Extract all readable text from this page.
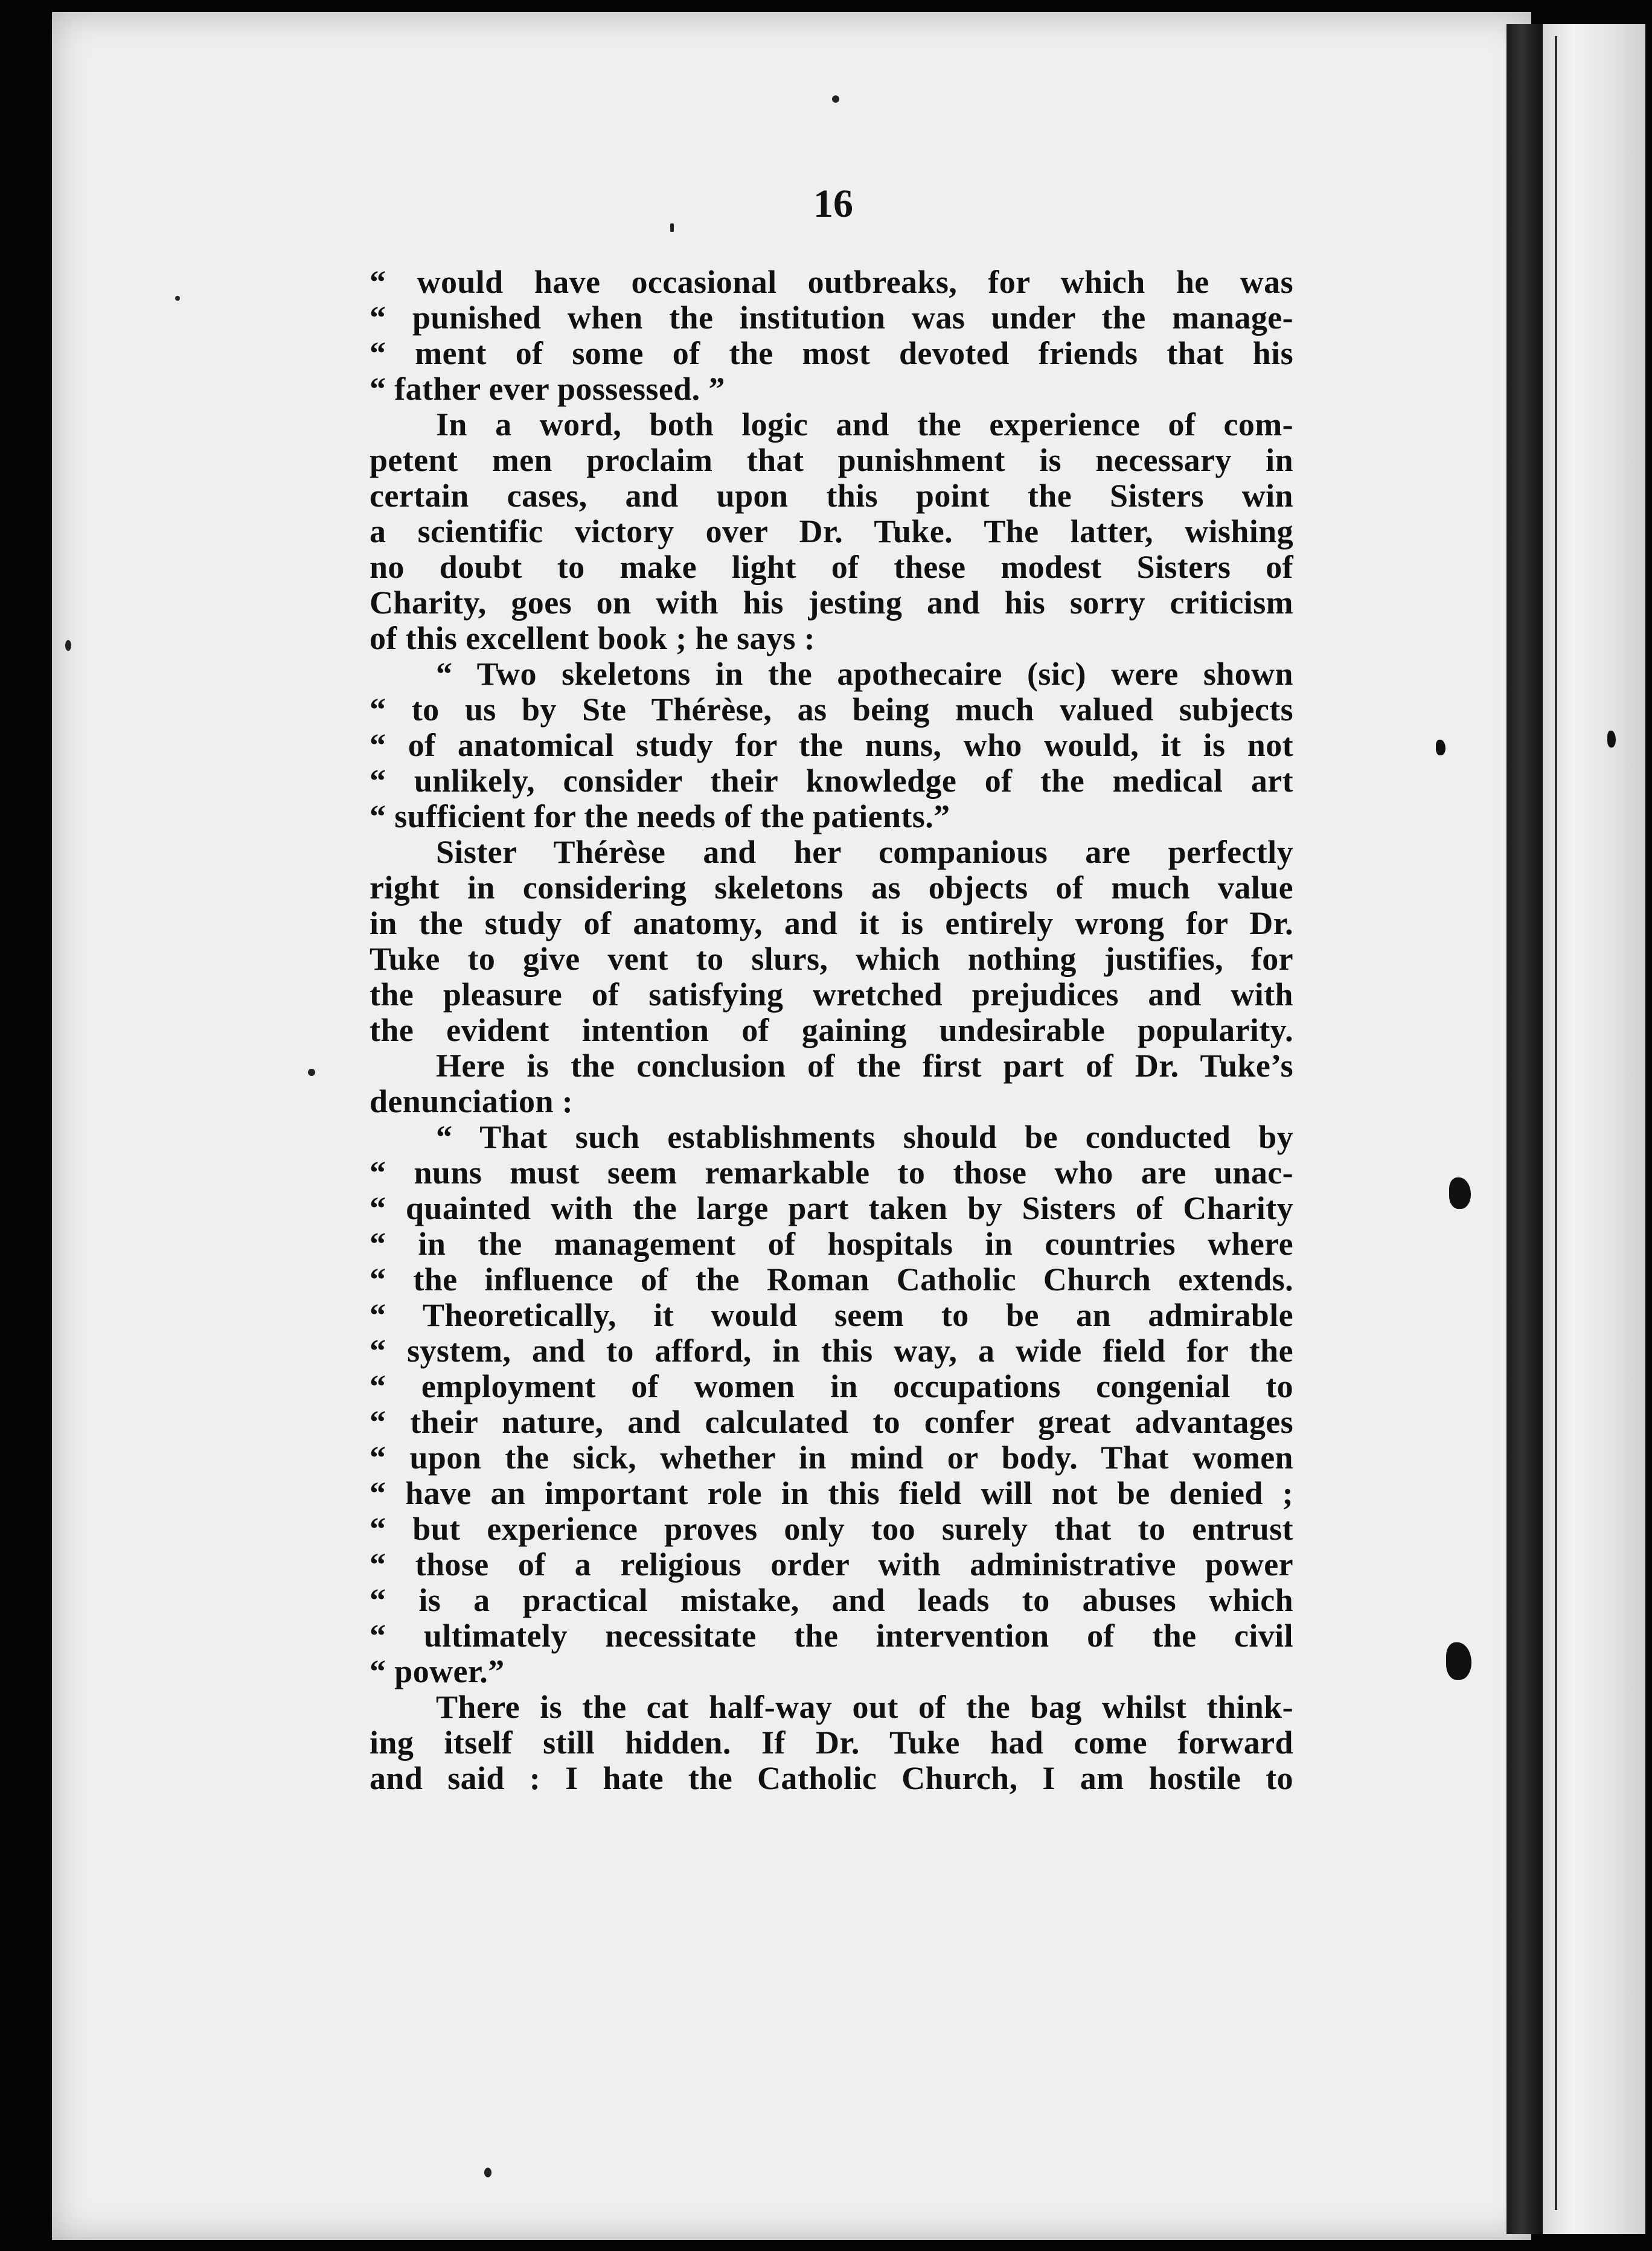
16
“ would have occasional outbreaks, for which he was
“ punished when the institution was under the manage-
“ ment of some of the most devoted friends that his
“ father ever possessed. ”
In a word, both logic and the experience of com-
petent men proclaim that punishment is necessary in
certain cases, and upon this point the Sisters win
a scientific victory over Dr. Tuke. The latter, wishing
no doubt to make light of these modest Sisters of
Charity, goes on with his jesting and his sorry criticism
of this excellent book ; he says :
“ Two skeletons in the apothecaire (sic) were shown
“ to us by Ste Thérèse, as being much valued subjects
“ of anatomical study for the nuns, who would, it is not
“ unlikely, consider their knowledge of the medical art
“ sufficient for the needs of the patients.”
Sister Thérèse and her companious are perfectly
right in considering skeletons as objects of much value
in the study of anatomy, and it is entirely wrong for Dr.
Tuke to give vent to slurs, which nothing justifies, for
the pleasure of satisfying wretched prejudices and with
the evident intention of gaining undesirable popularity.
Here is the conclusion of the first part of Dr. Tuke’s
denunciation :
“ That such establishments should be conducted by
“ nuns must seem remarkable to those who are unac-
“ quainted with the large part taken by Sisters of Charity
“ in the management of hospitals in countries where
“ the influence of the Roman Catholic Church extends.
“ Theoretically, it would seem to be an admirable
“ system, and to afford, in this way, a wide field for the
“ employment of women in occupations congenial to
“ their nature, and calculated to confer great advantages
“ upon the sick, whether in mind or body. That women
“ have an important role in this field will not be denied ;
“ but experience proves only too surely that to entrust
“ those of a religious order with administrative power
“ is a practical mistake, and leads to abuses which
“ ultimately necessitate the intervention of the civil
“ power.”
There is the cat half-way out of the bag whilst think-
ing itself still hidden. If Dr. Tuke had come forward
and said : I hate the Catholic Church, I am hostile to
